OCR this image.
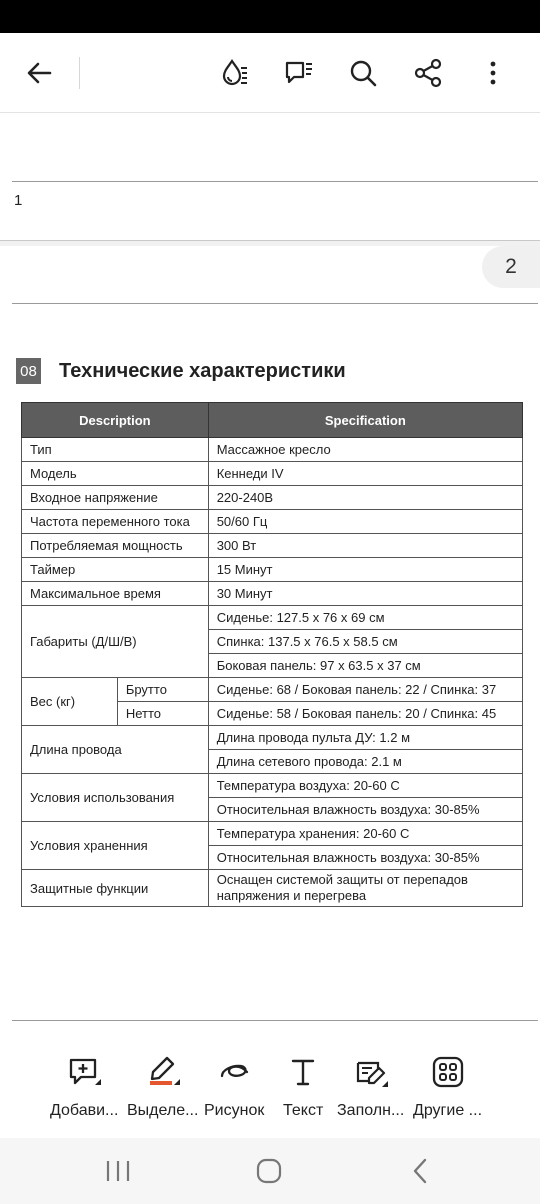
1
2
08 Технические характеристики
Description		Specification
Тип		Массажное кресло
Модель		Кеннеди IV
Входное напряжение		220-240В
Частота переменного тока		50/60 Гц
Потребляемая мощность		300 Вт
Таймер		15 Минут
Максимальное время		30 Минут
Габариты (Д/Ш/В)		Сиденье: 127.5 x 76 x 69 см
		Спинка: 137.5 x 76.5 x 58.5 см
		Боковая панель: 97 x 63.5 x 37 см
Вес (кг)	Брутто	Сиденье: 68 / Боковая панель: 22 / Спинка: 37
	Нетто	Сиденье: 58 / Боковая панель: 20 / Спинка: 45
Длина провода		Длина провода пульта ДУ: 1.2 м
		Длина сетевого провода: 2.1 м
Условия использования		Температура воздуха: 20-60 С
		Относительная влажность воздуха: 30-85%
Условия храненния		Температура хранения: 20-60 С
		Относительная влажность воздуха: 30-85%
Защитные функции		Оснащен системой защиты от перепадов напряжения и перегрева
Добави... Выделе... Рисунок Текст Заполн... Другие ...
